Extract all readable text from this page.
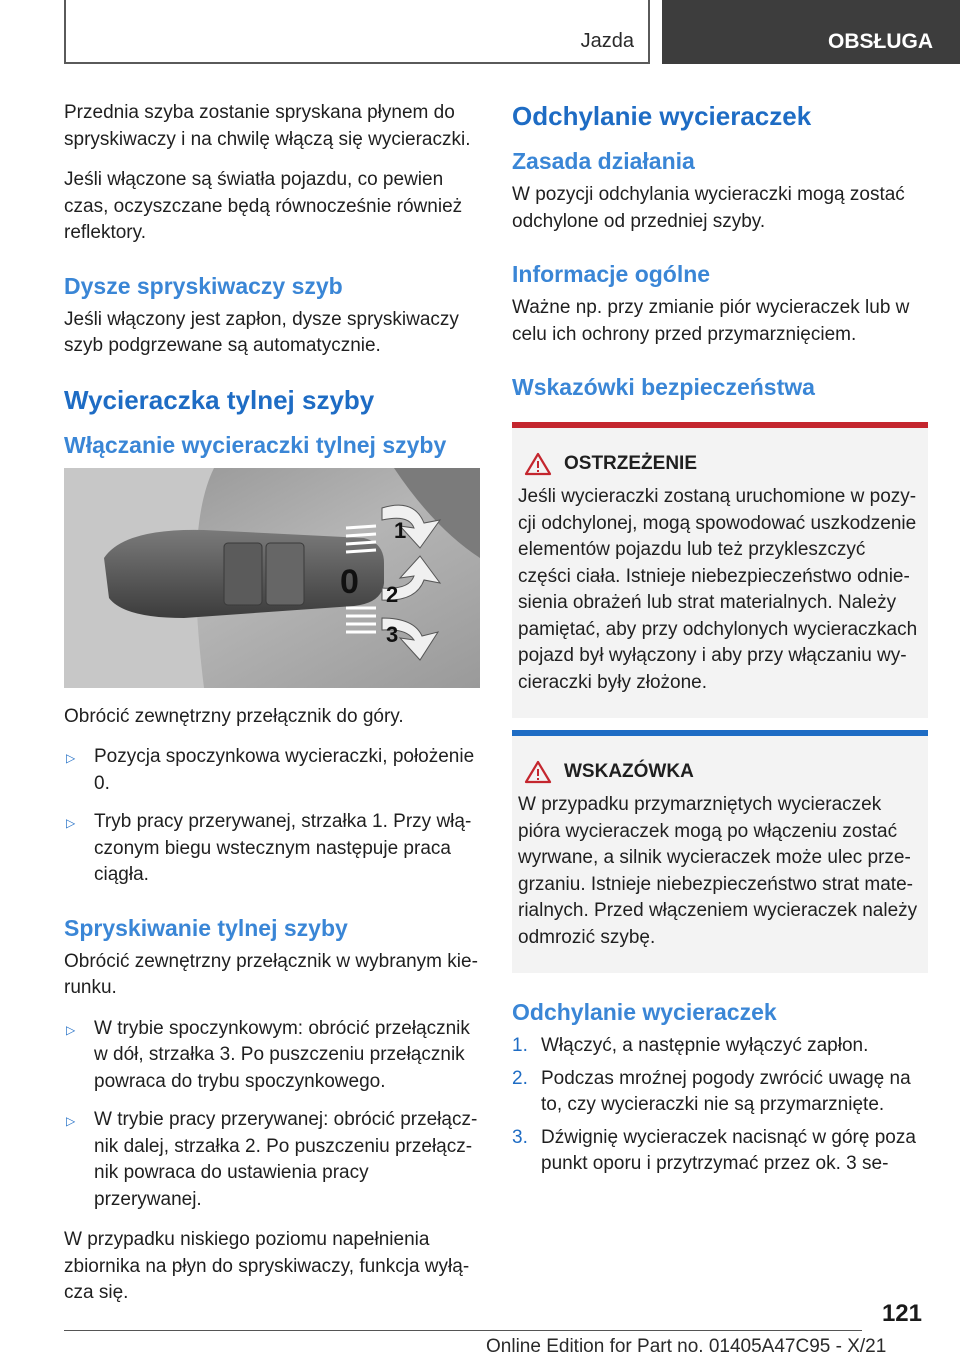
Jazda	OBSŁUGA

Przednia szyba zostanie spryskana płynem do spryskiwaczy i na chwilę włączą się wycieraczki.

Jeśli włączone są światła pojazdu, co pewien czas, oczyszczane będą równocześnie również reflektory.

Dysze spryskiwaczy szyb

Jeśli włączony jest zapłon, dysze spryskiwaczy szyb podgrzewane są automatycznie.

Wycieraczka tylnej szyby
Włączanie wycieraczki tylnej szyby
1
0 2
3

Obrócić zewnętrzny przełącznik do góry.

▷ Pozycja spoczynkowa wycieraczki, położenie 0.
▷ Tryb pracy przerywanej, strzałka 1. Przy włą‐czonym biegu wstecznym następuje praca ciągła.
Spryskiwanie tylnej szyby

Obrócić zewnętrzny przełącznik w wybranym kie‐runku.

▷ W trybie spoczynkowym: obrócić przełącznik w dół, strzałka 3. Po puszczeniu przełącznik powraca do trybu spoczynkowego.
▷ W trybie pracy przerywanej: obrócić przełącz‐nik dalej, strzałka 2. Po puszczeniu przełącz‐nik powraca do ustawienia pracy przerywanej.

W przypadku niskiego poziomu napełnienia zbiornika na płyn do spryskiwaczy, funkcja wyłą‐cza się.

Odchylanie wycieraczek
Zasada działania

W pozycji odchylania wycieraczki mogą zostać odchylone od przedniej szyby.

Informacje ogólne

Ważne np. przy zmianie piór wycieraczek lub w celu ich ochrony przed przymarznięciem.

Wskazówki bezpieczeństwa
OSTRZEŻENIE

Jeśli wycieraczki zostaną uruchomione w pozy‐cji odchylonej, mogą spowodować uszkodzenie elementów pojazdu lub też przykleszczyć części ciała. Istnieje niebezpieczeństwo odnie‐sienia obrażeń lub strat materialnych. Należy pamiętać, aby przy odchylonych wycieraczkach pojazd był wyłączony i aby przy włączaniu wy‐cieraczki były złożone.

WSKAZÓWKA

W przypadku przymarzniętych wycieraczek pióra wycieraczek mogą po włączeniu zostać wyrwane, a silnik wycieraczek może ulec prze‐grzaniu. Istnieje niebezpieczeństwo strat mate‐rialnych. Przed włączeniem wycieraczek należy odmrozić szybę.

Odchylanie wycieraczek
1. Włączyć, a następnie wyłączyć zapłon.
2. Podczas mroźnej pogody zwrócić uwagę na to, czy wycieraczki nie są przymarznięte.
3. Dźwignię wycieraczek nacisnąć w górę poza punkt oporu i przytrzymać przez ok. 3 se‐
121
Online Edition for Part no. 01405A47C95 - X/21
